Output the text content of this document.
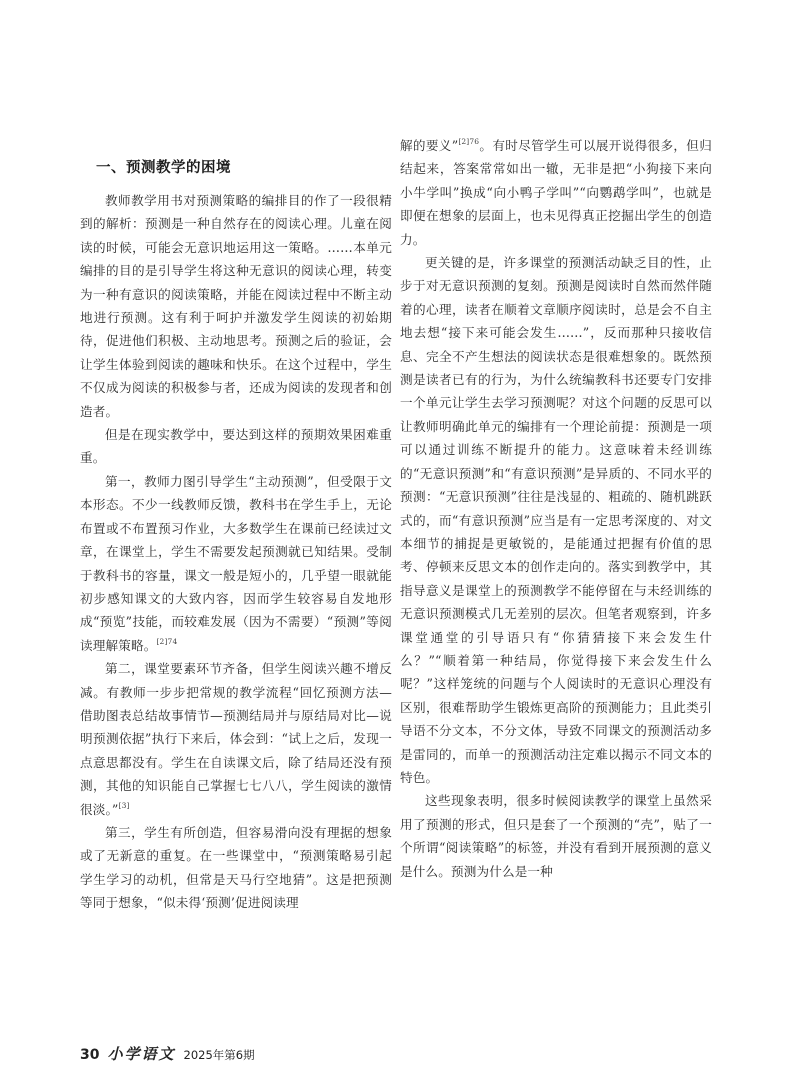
一、预测教学的困境

教师教学用书对预测策略的编排目的作了一段很精到的解析：预测是一种自然存在的阅读心理。儿童在阅读的时候，可能会无意识地运用这一策略。……本单元编排的目的是引导学生将这种无意识的阅读心理，转变为一种有意识的阅读策略，并能在阅读过程中不断主动地进行预测。这有利于呵护并激发学生阅读的初始期待，促进他们积极、主动地思考。预测之后的验证，会让学生体验到阅读的趣味和快乐。在这个过程中，学生不仅成为阅读的积极参与者，还成为阅读的发现者和创造者。

但是在现实教学中，要达到这样的预期效果困难重重。

第一，教师力图引导学生“主动预测”，但受限于文本形态。不少一线教师反馈，教科书在学生手上，无论布置或不布置预习作业，大多数学生在课前已经读过文章，在课堂上，学生不需要发起预测就已知结果。受制于教科书的容量，课文一般是短小的，几乎望一眼就能初步感知课文的大致内容，因而学生较容易自发地形成“预览”技能，而较难发展（因为不需要）“预测”等阅读理解策略。$^{[2]74}$

第二，课堂要素环节齐备，但学生阅读兴趣不增反减。有教师一步步把常规的教学流程“回忆预测方法—借助图表总结故事情节—预测结局并与原结局对比—说明预测依据”执行下来后，体会到：“试上之后，发现一点意思都没有。学生在自读课文后，除了结局还没有预测，其他的知识能自己掌握七七八八，学生阅读的激情很淡。”[3]

第三，学生有所创造，但容易滑向没有理据的想象或了无新意的重复。在一些课堂中，“预测策略易引起学生学习的动机，但常是天马行空地猜”。这是把预测等同于想象，“似未得‘预测’促进阅读理

解的要义”$^{[2]76}$。有时尽管学生可以展开说得很多，但归结起来，答案常常如出一辙，无非是把“小狗接下来向小牛学叫”换成“向小鸭子学叫”“向鹦鹉学叫”，也就是即便在想象的层面上，也未见得真正挖掘出学生的创造力。

更关键的是，许多课堂的预测活动缺乏目的性，止步于对无意识预测的复刻。预测是阅读时自然而然伴随着的心理，读者在顺着文章顺序阅读时，总是会不自主地去想“接下来可能会发生……”，反而那种只接收信息、完全不产生想法的阅读状态是很难想象的。既然预测是读者已有的行为，为什么统编教科书还要专门安排一个单元让学生去学习预测呢？对这个问题的反思可以让教师明确此单元的编排有一个理论前提：预测是一项可以通过训练不断提升的能力。这意味着未经训练的“无意识预测”和“有意识预测”是异质的、不同水平的预测：“无意识预测”往往是浅显的、粗疏的、随机跳跃式的，而“有意识预测”应当是有一定思考深度的、对文本细节的捕捉是更敏锐的，是能通过把握有价值的思考、停顿来反思文本的创作走向的。落实到教学中，其指导意义是课堂上的预测教学不能停留在与未经训练的无意识预测模式几无差别的层次。但笔者观察到，许多课堂通堂的引导语只有“你猜猜接下来会发生什么？”“顺着第一种结局，你觉得接下来会发生什么呢？”这样笼统的问题与个人阅读时的无意识心理没有区别，很难帮助学生锻炼更高阶的预测能力；且此类引导语不分文本，不分文体，导致不同课文的预测活动多是雷同的，而单一的预测活动注定难以揭示不同文本的特色。

这些现象表明，很多时候阅读教学的课堂上虽然采用了预测的形式，但只是套了一个预测的“壳”，贴了一个所谓“阅读策略”的标签，并没有看到开展预测的意义是什么。预测为什么是一种

30 小学语文 2025年第6期
